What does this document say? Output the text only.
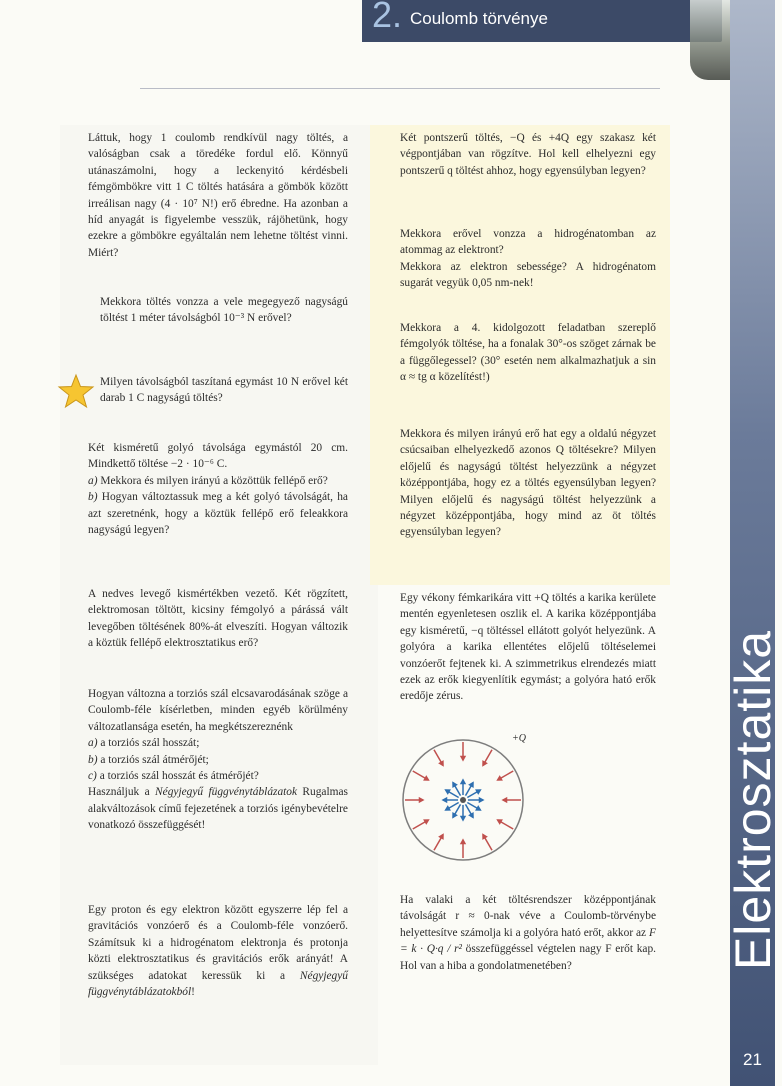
2. Coulomb törvénye
Elektrosztatika
21
Láttuk, hogy 1 coulomb rendkívül nagy töltés, a valóságban csak a töredéke fordul elő. Könnyű utánaszámolni, hogy a leckenyitó kérdésbeli fémgömbökre vitt 1 C töltés hatására a gömbök között irreálisan nagy (4 · 10⁷ N!) erő ébredne. Ha azonban a híd anyagát is figyelembe vesszük, rájöhetünk, hogy ezekre a gömbökre egyáltalán nem lehetne töltést vinni. Miért?
Mekkora töltés vonzza a vele megegyező nagyságú töltést 1 méter távolságból 10⁻³ N erővel?
Milyen távolságból taszítaná egymást 10 N erővel két darab 1 C nagyságú töltés?
Két kisméretű golyó távolsága egymástól 20 cm. Mindkettő töltése −2 · 10⁻⁶ C.
a) Mekkora és milyen irányú a közöttük fellépő erő?
b) Hogyan változtassuk meg a két golyó távolságát, ha azt szeretnénk, hogy a köztük fellépő erő feleakkora nagyságú legyen?
A nedves levegő kismértékben vezető. Két rögzített, elektromosan töltött, kicsiny fémgolyó a párássá vált levegőben töltésének 80%-át elveszíti. Hogyan változik a köztük fellépő elektrosztatikus erő?
Hogyan változna a torziós szál elcsavarodásának szöge a Coulomb-féle kísérletben, minden egyéb körülmény változatlansága esetén, ha megkétszereznénk
a) a torziós szál hosszát;
b) a torziós szál átmérőjét;
c) a torziós szál hosszát és átmérőjét?
Használjuk a Négyjegyű függvénytáblázatok Rugalmas alakváltozások című fejezetének a torziós igénybevételre vonatkozó összefüggését!
Egy proton és egy elektron között egyszerre lép fel a gravitációs vonzóerő és a Coulomb-féle vonzóerő. Számítsuk ki a hidrogénatom elektronja és protonja közti elektrosztatikus és gravitációs erők arányát! A szükséges adatokat keressük ki a Négyjegyű függvénytáblázatokból!
Két pontszerű töltés, −Q és +4Q egy szakasz két végpontjában van rögzítve. Hol kell elhelyezni egy pontszerű q töltést ahhoz, hogy egyensúlyban legyen?
Mekkora erővel vonzza a hidrogénatomban az atommag az elektront?
Mekkora az elektron sebessége? A hidrogénatom sugarát vegyük 0,05 nm-nek!
Mekkora a 4. kidolgozott feladatban szereplő fémgolyók töltése, ha a fonalak 30°-os szöget zárnak be a függőlegessel? (30° esetén nem alkalmazhatjuk a sin α ≈ tg α közelítést!)
Mekkora és milyen irányú erő hat egy a oldalú négyzet csúcsaiban elhelyezkedő azonos Q töltésekre? Milyen előjelű és nagyságú töltést helyezzünk a négyzet középpontjába, hogy ez a töltés egyensúlyban legyen? Milyen előjelű és nagyságú töltést helyezzünk a négyzet középpontjába, hogy mind az öt töltés egyensúlyban legyen?
Egy vékony fémkarikára vitt +Q töltés a karika kerülete mentén egyenletesen oszlik el. A karika középpontjába egy kisméretű, −q töltéssel ellátott golyót helyezünk. A golyóra a karika ellentétes előjelű töltéselemei vonzóerőt fejtenek ki. A szimmetrikus elrendezés miatt ezek az erők kiegyenlítik egymást; a golyóra ható erők eredője zérus.
+Q
Ha valaki a két töltésrendszer középpontjának távolságát r ≈ 0-nak véve a Coulomb-törvénybe helyettesítve számolja ki a golyóra ható erőt, akkor az F = k · Q·q / r² összefüggéssel végtelen nagy F erőt kap. Hol van a hiba a gondolatmenetében?
